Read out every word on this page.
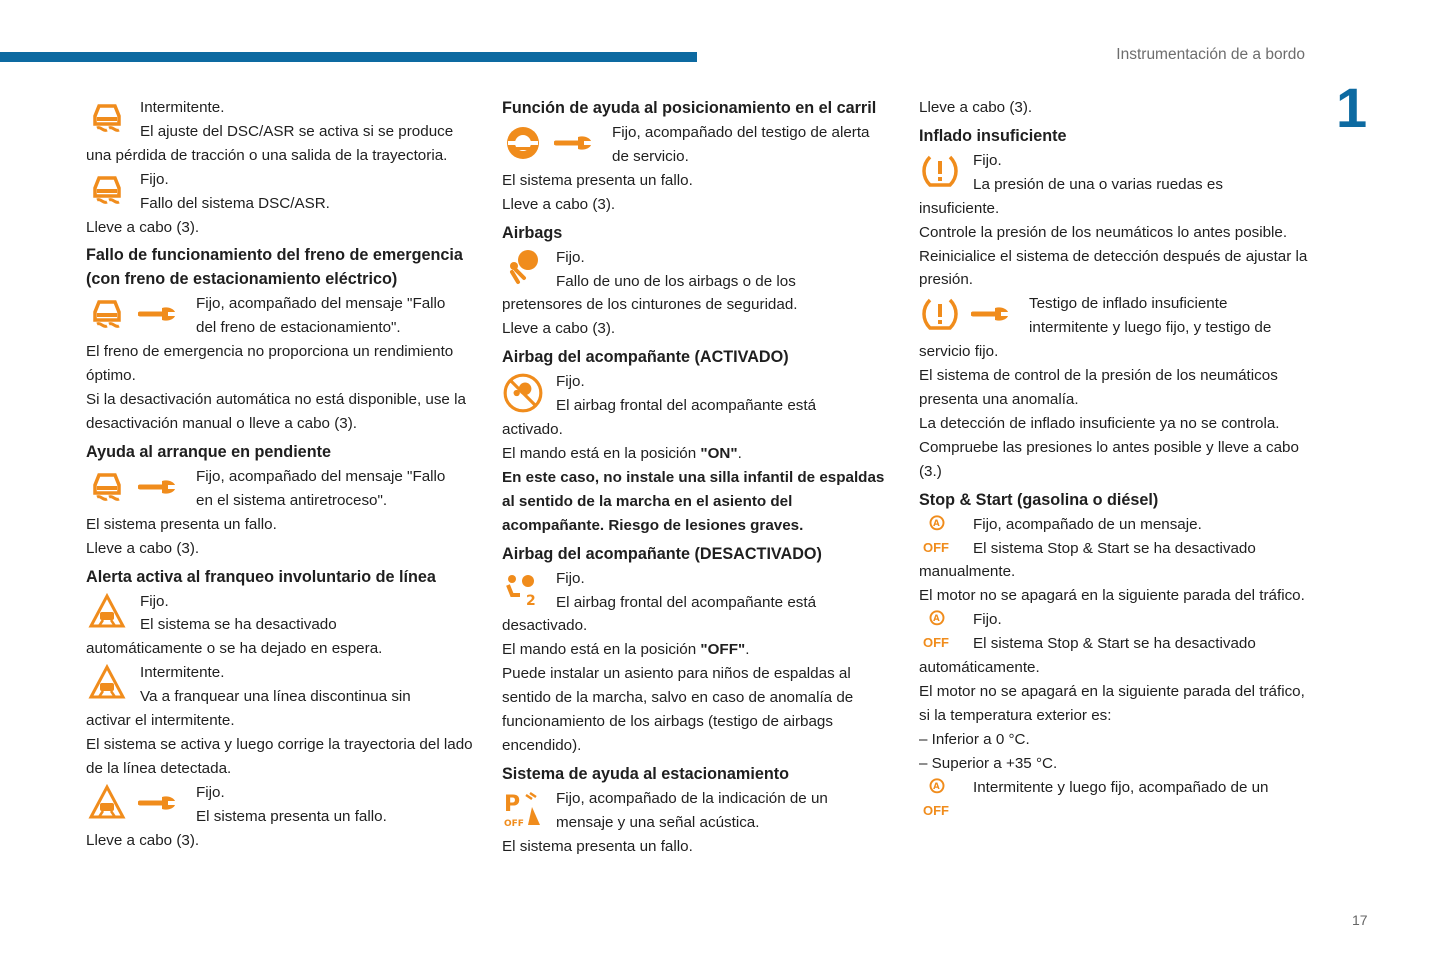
Instrumentación de a bordo
1
17

Intermitente.

El ajuste del DSC/ASR se activa si se produce

una pérdida de tracción o una salida de la trayectoria.

Fijo.

Fallo del sistema DSC/ASR.

Lleve a cabo (3).

Fallo de funcionamiento del freno de emergencia (con freno de estacionamiento eléctrico)

Fijo, acompañado del mensaje "Fallo

del freno de estacionamiento".

El freno de emergencia no proporciona un rendimiento óptimo.

Si la desactivación automática no está disponible, use la desactivación manual o lleve a cabo (3).

Ayuda al arranque en pendiente

Fijo, acompañado del mensaje "Fallo

en el sistema antiretroceso".

El sistema presenta un fallo.

Lleve a cabo (3).

Alerta activa al franqueo involuntario de línea

Fijo.

El sistema se ha desactivado

automáticamente o se ha dejado en espera.

Intermitente.

Va a franquear una línea discontinua sin

activar el intermitente.

El sistema se activa y luego corrige la trayectoria del lado de la línea detectada.

Fijo.

El sistema presenta un fallo.

Lleve a cabo (3).

Función de ayuda al posicionamiento en el carril

Fijo, acompañado del testigo de alerta

de servicio.

El sistema presenta un fallo.

Lleve a cabo (3).

Airbags

Fijo.

Fallo de uno de los airbags o de los

pretensores de los cinturones de seguridad.

Lleve a cabo (3).

Airbag del acompañante (ACTIVADO)

Fijo.

El airbag frontal del acompañante está

activado.

El mando está en la posición "ON".

En este caso, no instale una silla infantil de espaldas al sentido de la marcha en el asiento del acompañante. Riesgo de lesiones graves.

Airbag del acompañante (DESACTIVADO)

Fijo.

El airbag frontal del acompañante está

desactivado.

El mando está en la posición "OFF".

Puede instalar un asiento para niños de espaldas al sentido de la marcha, salvo en caso de anomalía de funcionamiento de los airbags (testigo de airbags encendido).

Sistema de ayuda al estacionamiento

Fijo, acompañado de la indicación de un

mensaje y una señal acústica.

El sistema presenta un fallo.

Lleve a cabo (3).

Inflado insuficiente

Fijo.

La presión de una o varias ruedas es

insuficiente.

Controle la presión de los neumáticos lo antes posible.

Reinicialice el sistema de detección después de ajustar la presión.

Testigo de inflado insuficiente

intermitente y luego fijo, y testigo de

servicio fijo.

El sistema de control de la presión de los neumáticos presenta una anomalía.

La detección de inflado insuficiente ya no se controla.

Compruebe las presiones lo antes posible y lleve a cabo (3.)

Stop & Start (gasolina o diésel)
OFF

Fijo, acompañado de un mensaje.

El sistema Stop & Start se ha desactivado

manualmente.

El motor no se apagará en la siguiente parada del tráfico.

OFF

Fijo.

El sistema Stop & Start se ha desactivado

automáticamente.

El motor no se apagará en la siguiente parada del tráfico, si la temperatura exterior es:

– Inferior a 0 °C.

– Superior a +35 °C.

OFF

Intermitente y luego fijo, acompañado de un
